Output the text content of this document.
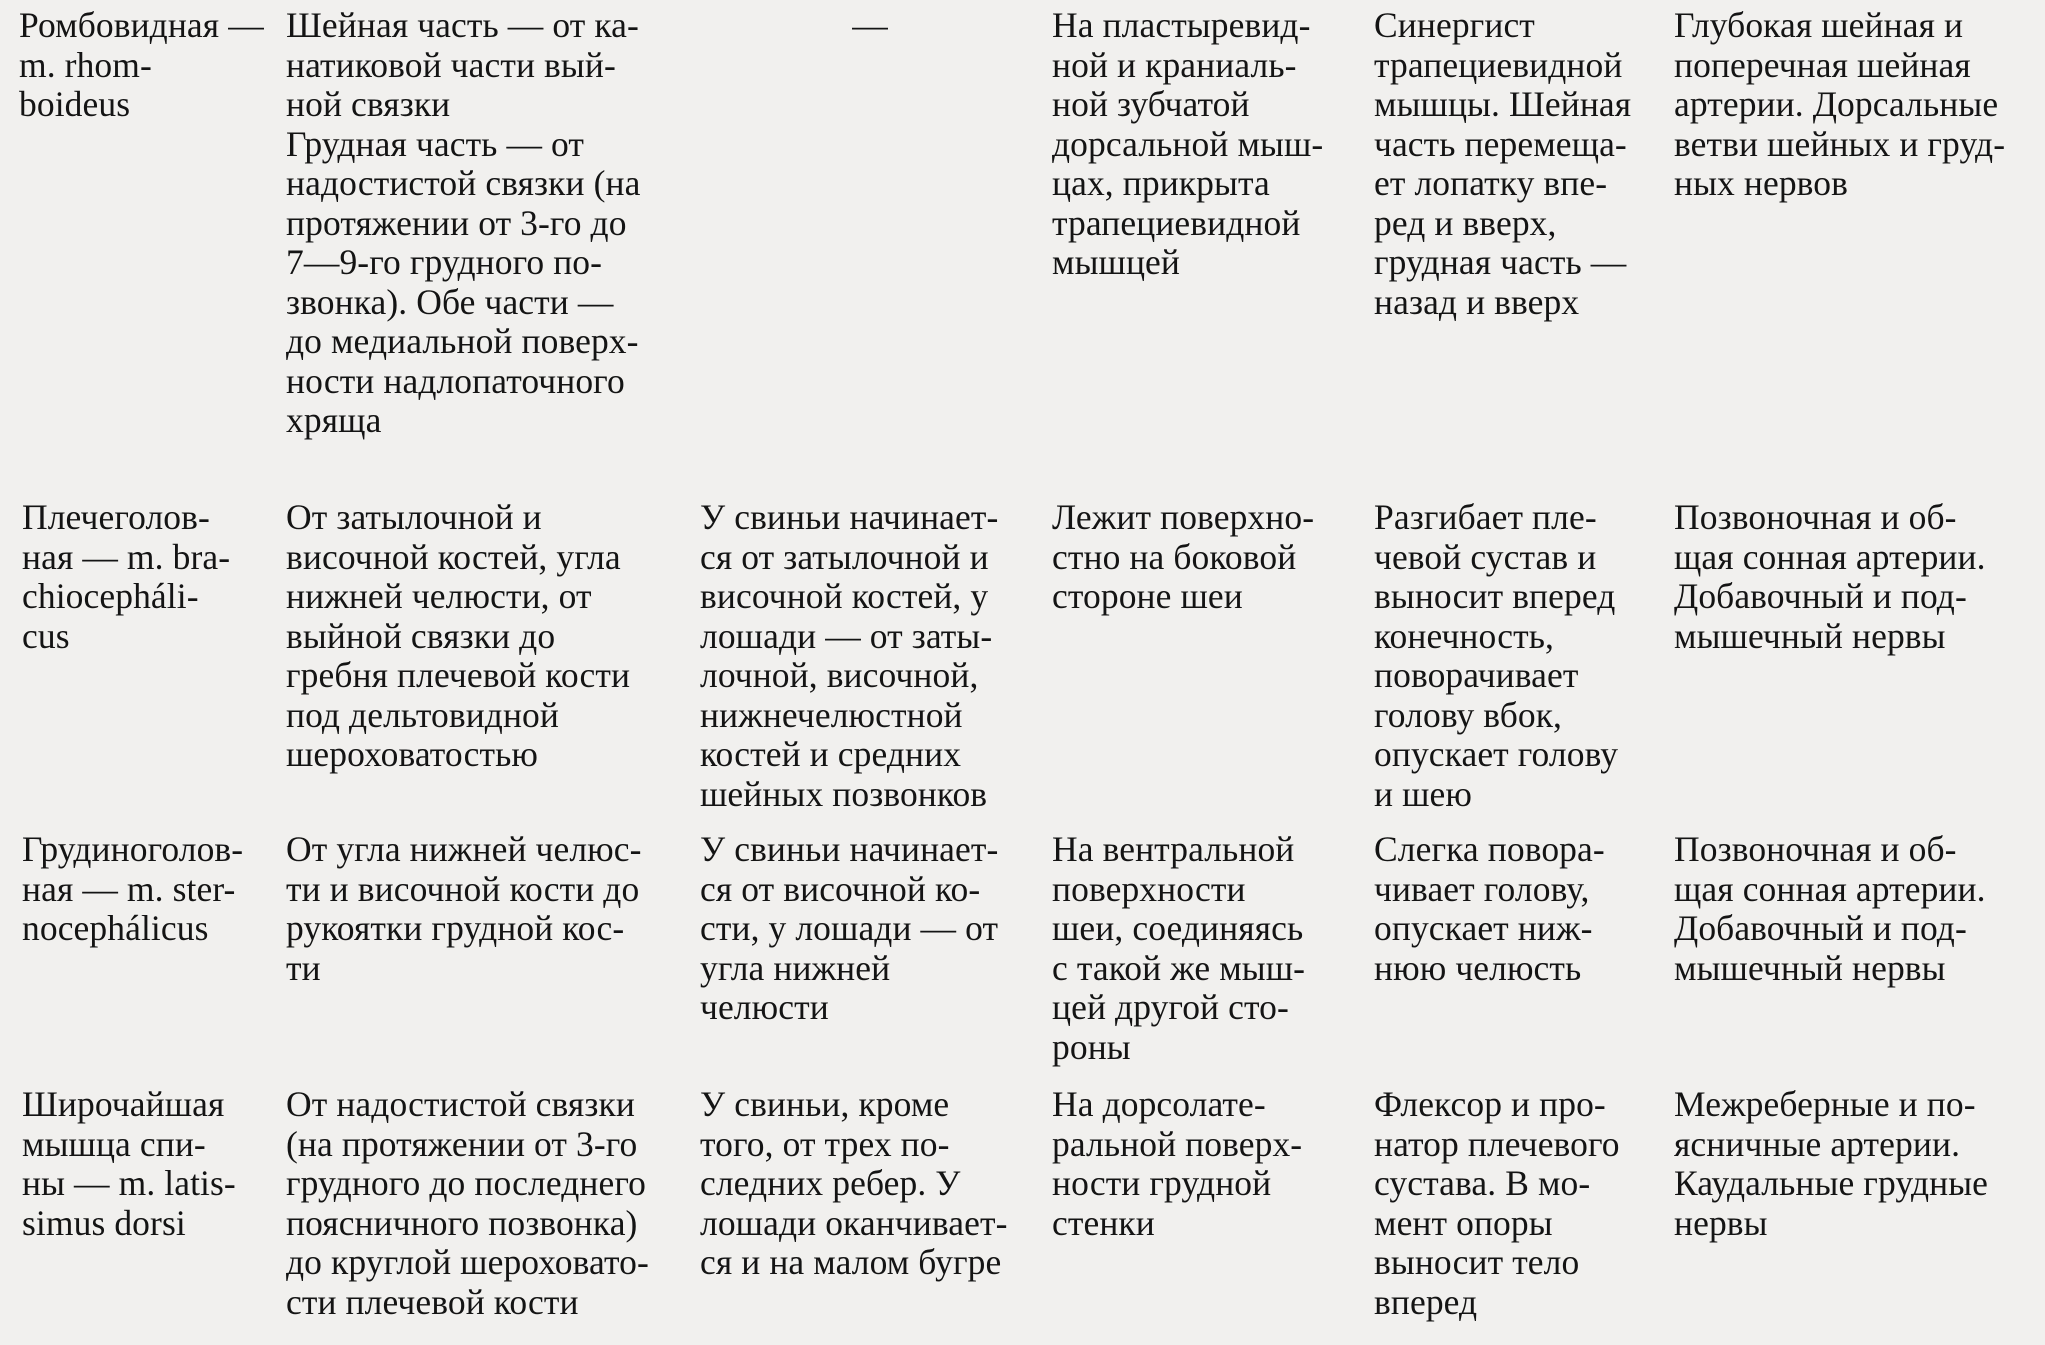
Ромбовидная —
m. rhom-
boideus
Шейная часть — от ка-
натиковой части вый-
ной связки
Грудная часть — от
надостистой связки (на
протяжении от 3-го до
7—9-го грудного по-
звонка). Обе части —
до медиальной поверх-
ности надлопаточного
хряща
—	На пластыревид-
ной и краниаль-
ной зубчатой
дорсальной мыш-
цах, прикрыта
трапециевидной
мышцей
Синергист
трапециевидной
мышцы. Шейная
часть перемеща-
ет лопатку впе-
ред и вверх,
грудная часть —
назад и вверх
Глубокая шейная и
поперечная шейная
артерии. Дорсальные
ветви шейных и груд-
ных нервов
Плечеголов-
ная — m. bra-
chiocephálі-
cus
От затылочной и
височной костей, угла
нижней челюсти, от
выйной связки до
гребня плечевой кости
под дельтовидной
шероховатостью
У свиньи начинает-
ся от затылочной и
височной костей, у
лошади — от заты-
лочной, височной,
нижнечелюстной
костей и средних
шейных позвонков
Лежит поверхно-
стно на боковой
стороне шеи
Разгибает пле-
чевой сустав и
выносит вперед
конечность,
поворачивает
голову вбок,
опускает голову
и шею
Позвоночная и об-
щая сонная артерии.
Добавочный и под-
мышечный нервы
Грудиноголов-
ная — m. ster-
nocephálicus
От угла нижней челюс-
ти и височной кости до
рукоятки грудной кос-
ти
У свиньи начинает-
ся от височной ко-
сти, у лошади — от
угла нижней
челюсти
На вентральной
поверхности
шеи, соединяясь
с такой же мыш-
цей другой сто-
роны
Слегка повора-
чивает голову,
опускает ниж-
нюю челюсть
Позвоночная и об-
щая сонная артерии.
Добавочный и под-
мышечный нервы
Широчайшая
мышца спи-
ны — m. latis-
simus dorsi
От надостистой связки
(на протяжении от 3-го
грудного до последнего
поясничного позвонка)
до круглой шероховато-
сти плечевой кости
У свиньи, кроме
того, от трех по-
следних ребер. У
лошади оканчивает-
ся и на малом бугре
На дорсолате-
ральной поверх-
ности грудной
стенки
Флексор и про-
натор плечевого
сустава. В мо-
мент опоры
выносит тело
вперед
Межреберные и по-
ясничные артерии.
Каудальные грудные
нервы
